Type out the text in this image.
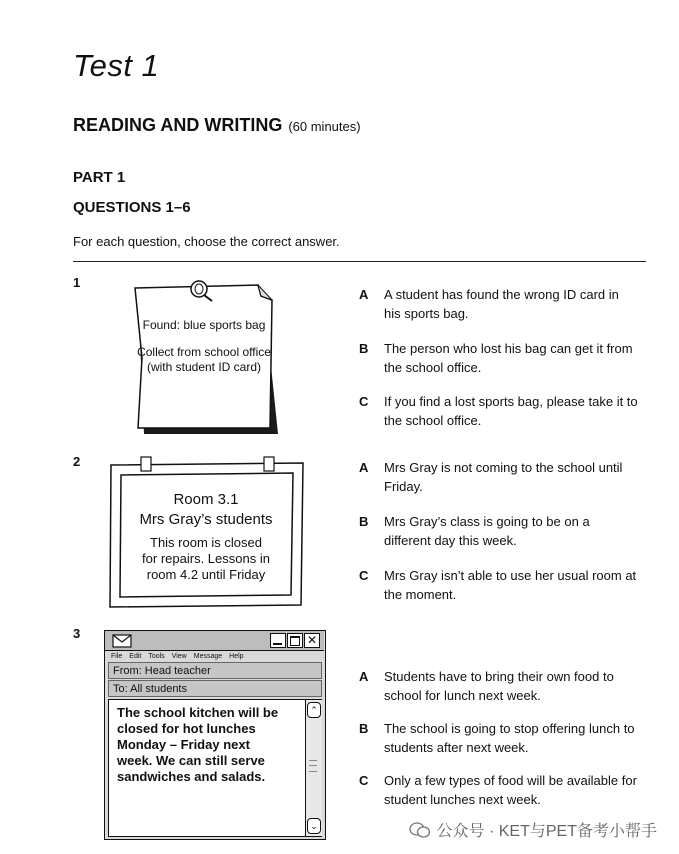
Test 1
READING AND WRITING (60 minutes)
PART 1
QUESTIONS 1–6
For each question, choose the correct answer.
1
Found: blue sports bag
Collect from school office
(with student ID card)
A A student has found the wrong ID card in his sports bag.
B The person who lost his bag can get it from the school office.
C If you find a lost sports bag, please take it to the school office.
2
Room 3.1
Mrs Gray’s students
This room is closed
for repairs. Lessons in
room 4.2 until Friday
A Mrs Gray is not coming to the school until Friday.
B Mrs Gray’s class is going to be on a different day this week.
C Mrs Gray isn’t able to use her usual room at the moment.
3	✕
File Edit Tools View Message Help
From: Head teacher
To: All students
The school kitchen will be
closed for hot lunches
Monday – Friday next
week. We can still serve
sandwiches and salads.
⌃
⌄
A Students have to bring their own food to school for lunch next week.
B The school is going to stop offering lunch to students after next week.
C Only a few types of food will be available for student lunches next week.
公众号 · KET与PET备考小帮手
